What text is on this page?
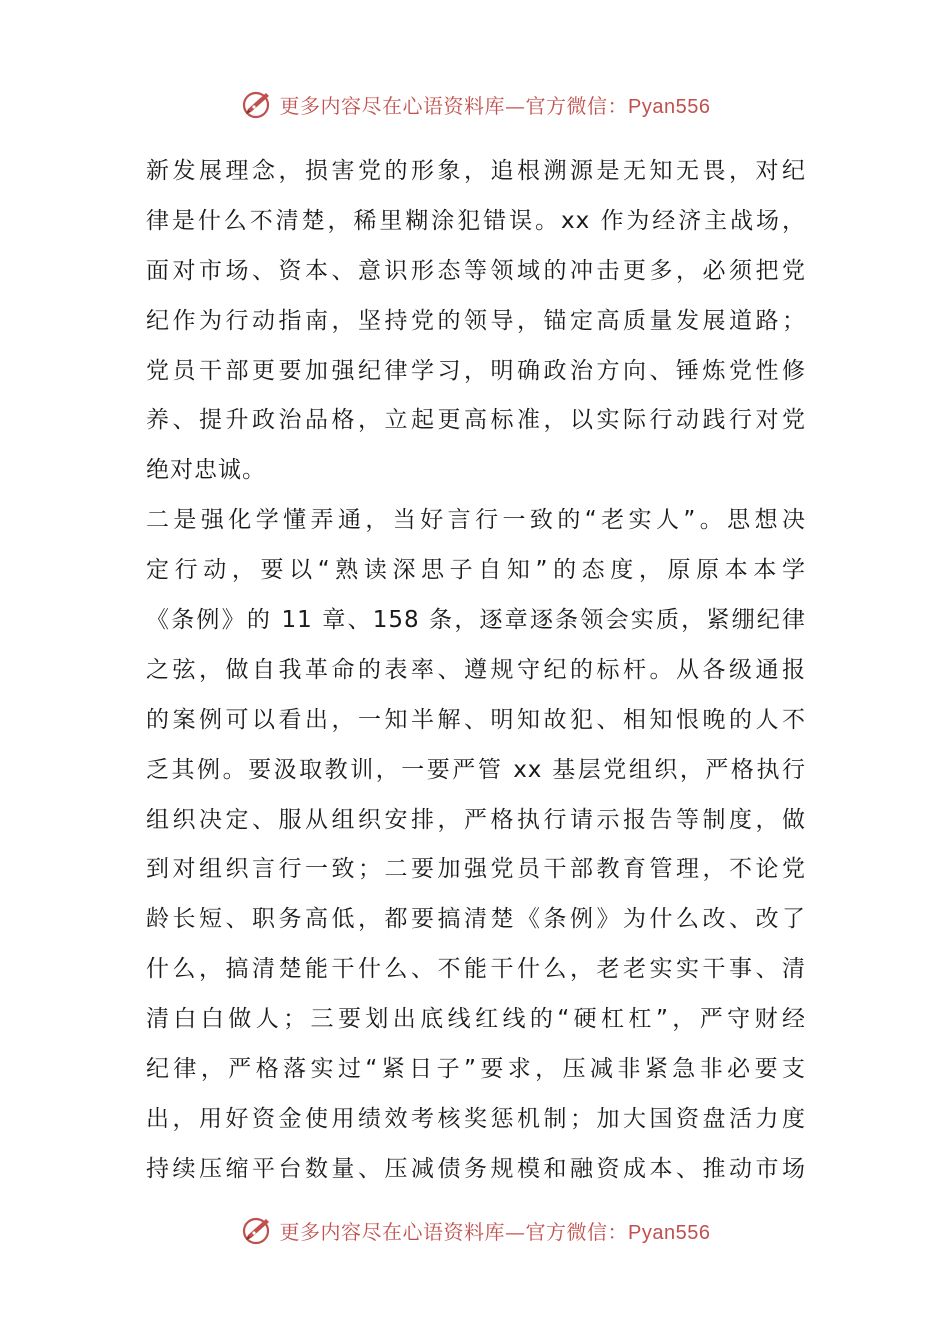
更多内容尽在心语资料库—官方微信：Pyan556
新发展理念，损害党的形象，追根溯源是无知无畏，对纪
律是什么不清楚，稀里糊涂犯错误。xx 作为经济主战场，
面对市场、资本、意识形态等领域的冲击更多，必须把党
纪作为行动指南，坚持党的领导，锚定高质量发展道路；
党员干部更要加强纪律学习，明确政治方向、锤炼党性修
养、提升政治品格，立起更高标准，以实际行动践行对党
绝对忠诚。
二是强化学懂弄通，当好言行一致的“老实人”。思想决
定行动，要以“熟读深思子自知”的态度，原原本本学
《条例》的 11 章、158 条，逐章逐条领会实质，紧绷纪律
之弦，做自我革命的表率、遵规守纪的标杆。从各级通报
的案例可以看出，一知半解、明知故犯、相知恨晚的人不
乏其例。要汲取教训，一要严管 xx 基层党组织，严格执行
组织决定、服从组织安排，严格执行请示报告等制度，做
到对组织言行一致；二要加强党员干部教育管理，不论党
龄长短、职务高低，都要搞清楚《条例》为什么改、改了
什么，搞清楚能干什么、不能干什么，老老实实干事、清
清白白做人；三要划出底线红线的“硬杠杠”，严守财经
纪律，严格落实过“紧日子”要求，压减非紧急非必要支
出，用好资金使用绩效考核奖惩机制；加大国资盘活力度
持续压缩平台数量、压减债务规模和融资成本、推动市场
更多内容尽在心语资料库—官方微信：Pyan556
